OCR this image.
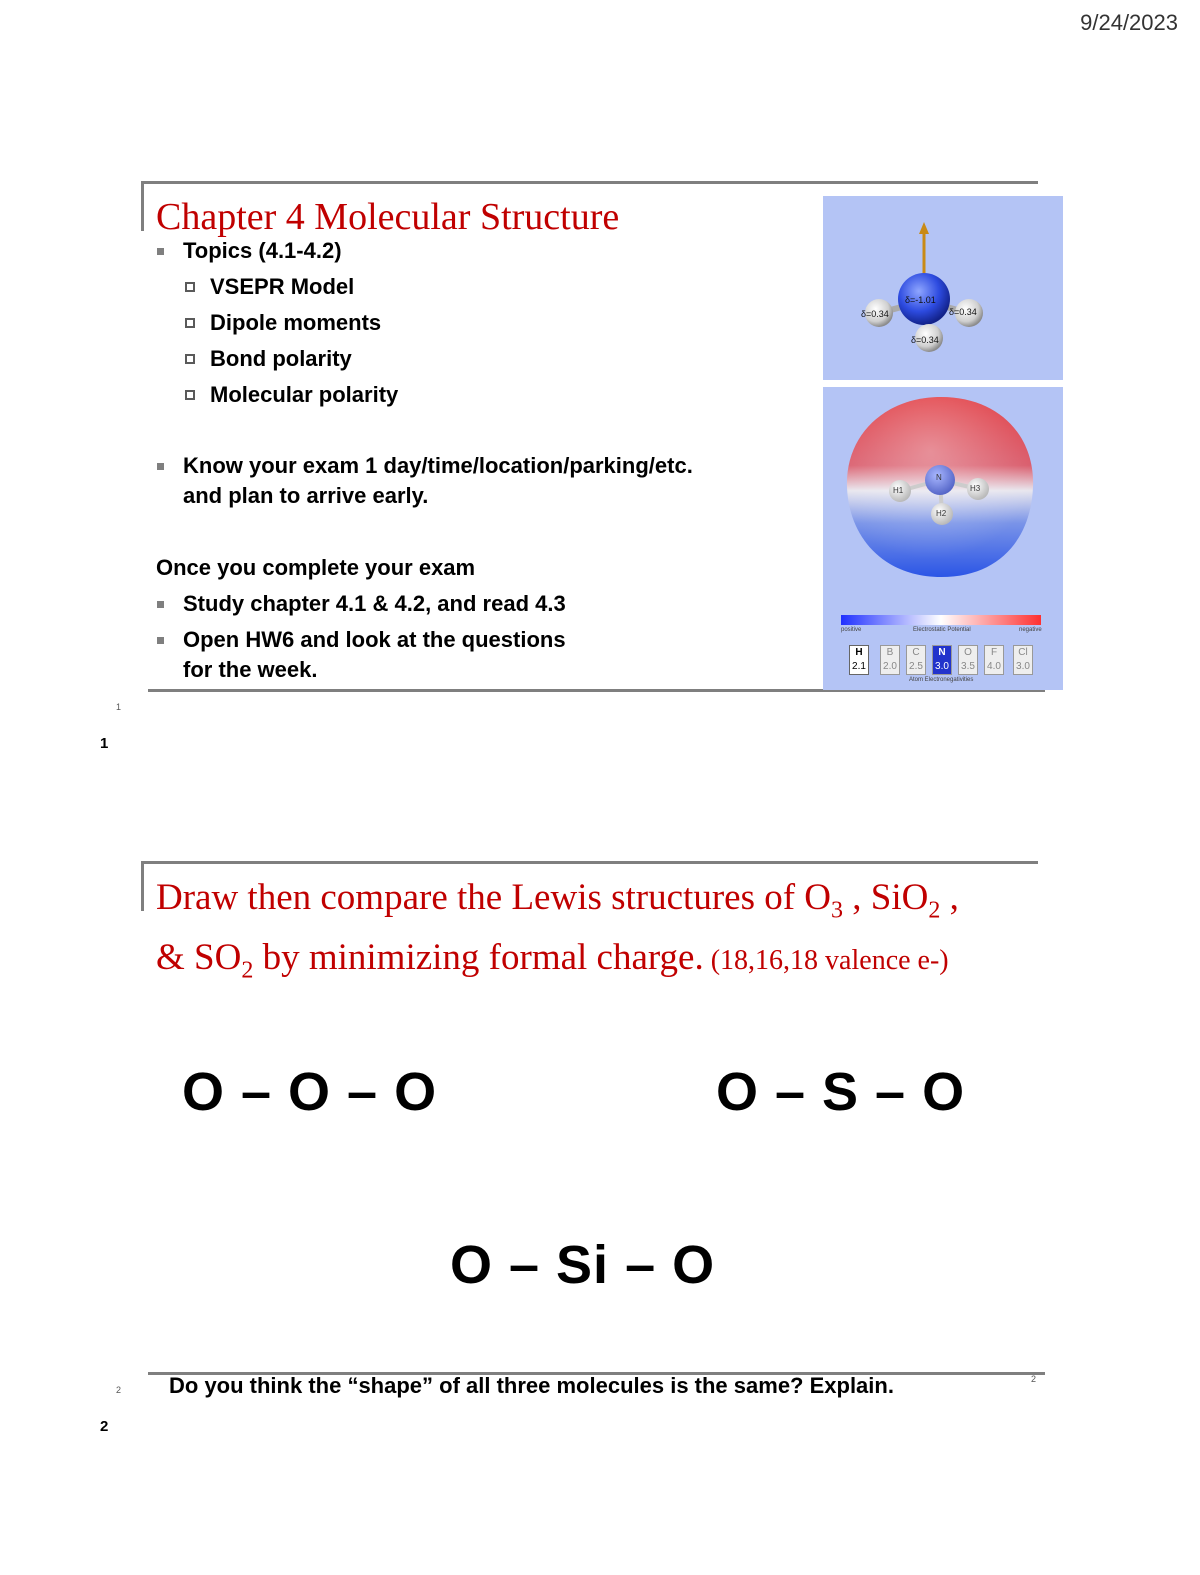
9/24/2023
Chapter 4 Molecular Structure
Topics (4.1-4.2)
VSEPR Model
Dipole moments
Bond polarity
Molecular polarity
Know your exam 1 day/time/location/parking/etc.
and plan to arrive early.
Once you complete your exam
Study chapter 4.1 & 4.2, and read 4.3
Open HW6 and look at the questions
for the week.
δ=-1.01
δ=0.34	δ=0.34
δ=0.34
N
H1
H2
H3
positive	Electrostatic Potential	negative
H
2.1
B
2.0
C
2.5
N
3.0
O
3.5
F
4.0
Cl
3.0
Atom Electronegativities
1
1
Draw then compare the Lewis structures of $O_3$ , SiO$_2$ ,
& $SO_2$ by minimizing formal charge. (18,16,18 valence e-)
O – O – O	O – S – O
O – Si – O
Do you think the “shape” of all three molecules is the same? Explain.
2
2
2
